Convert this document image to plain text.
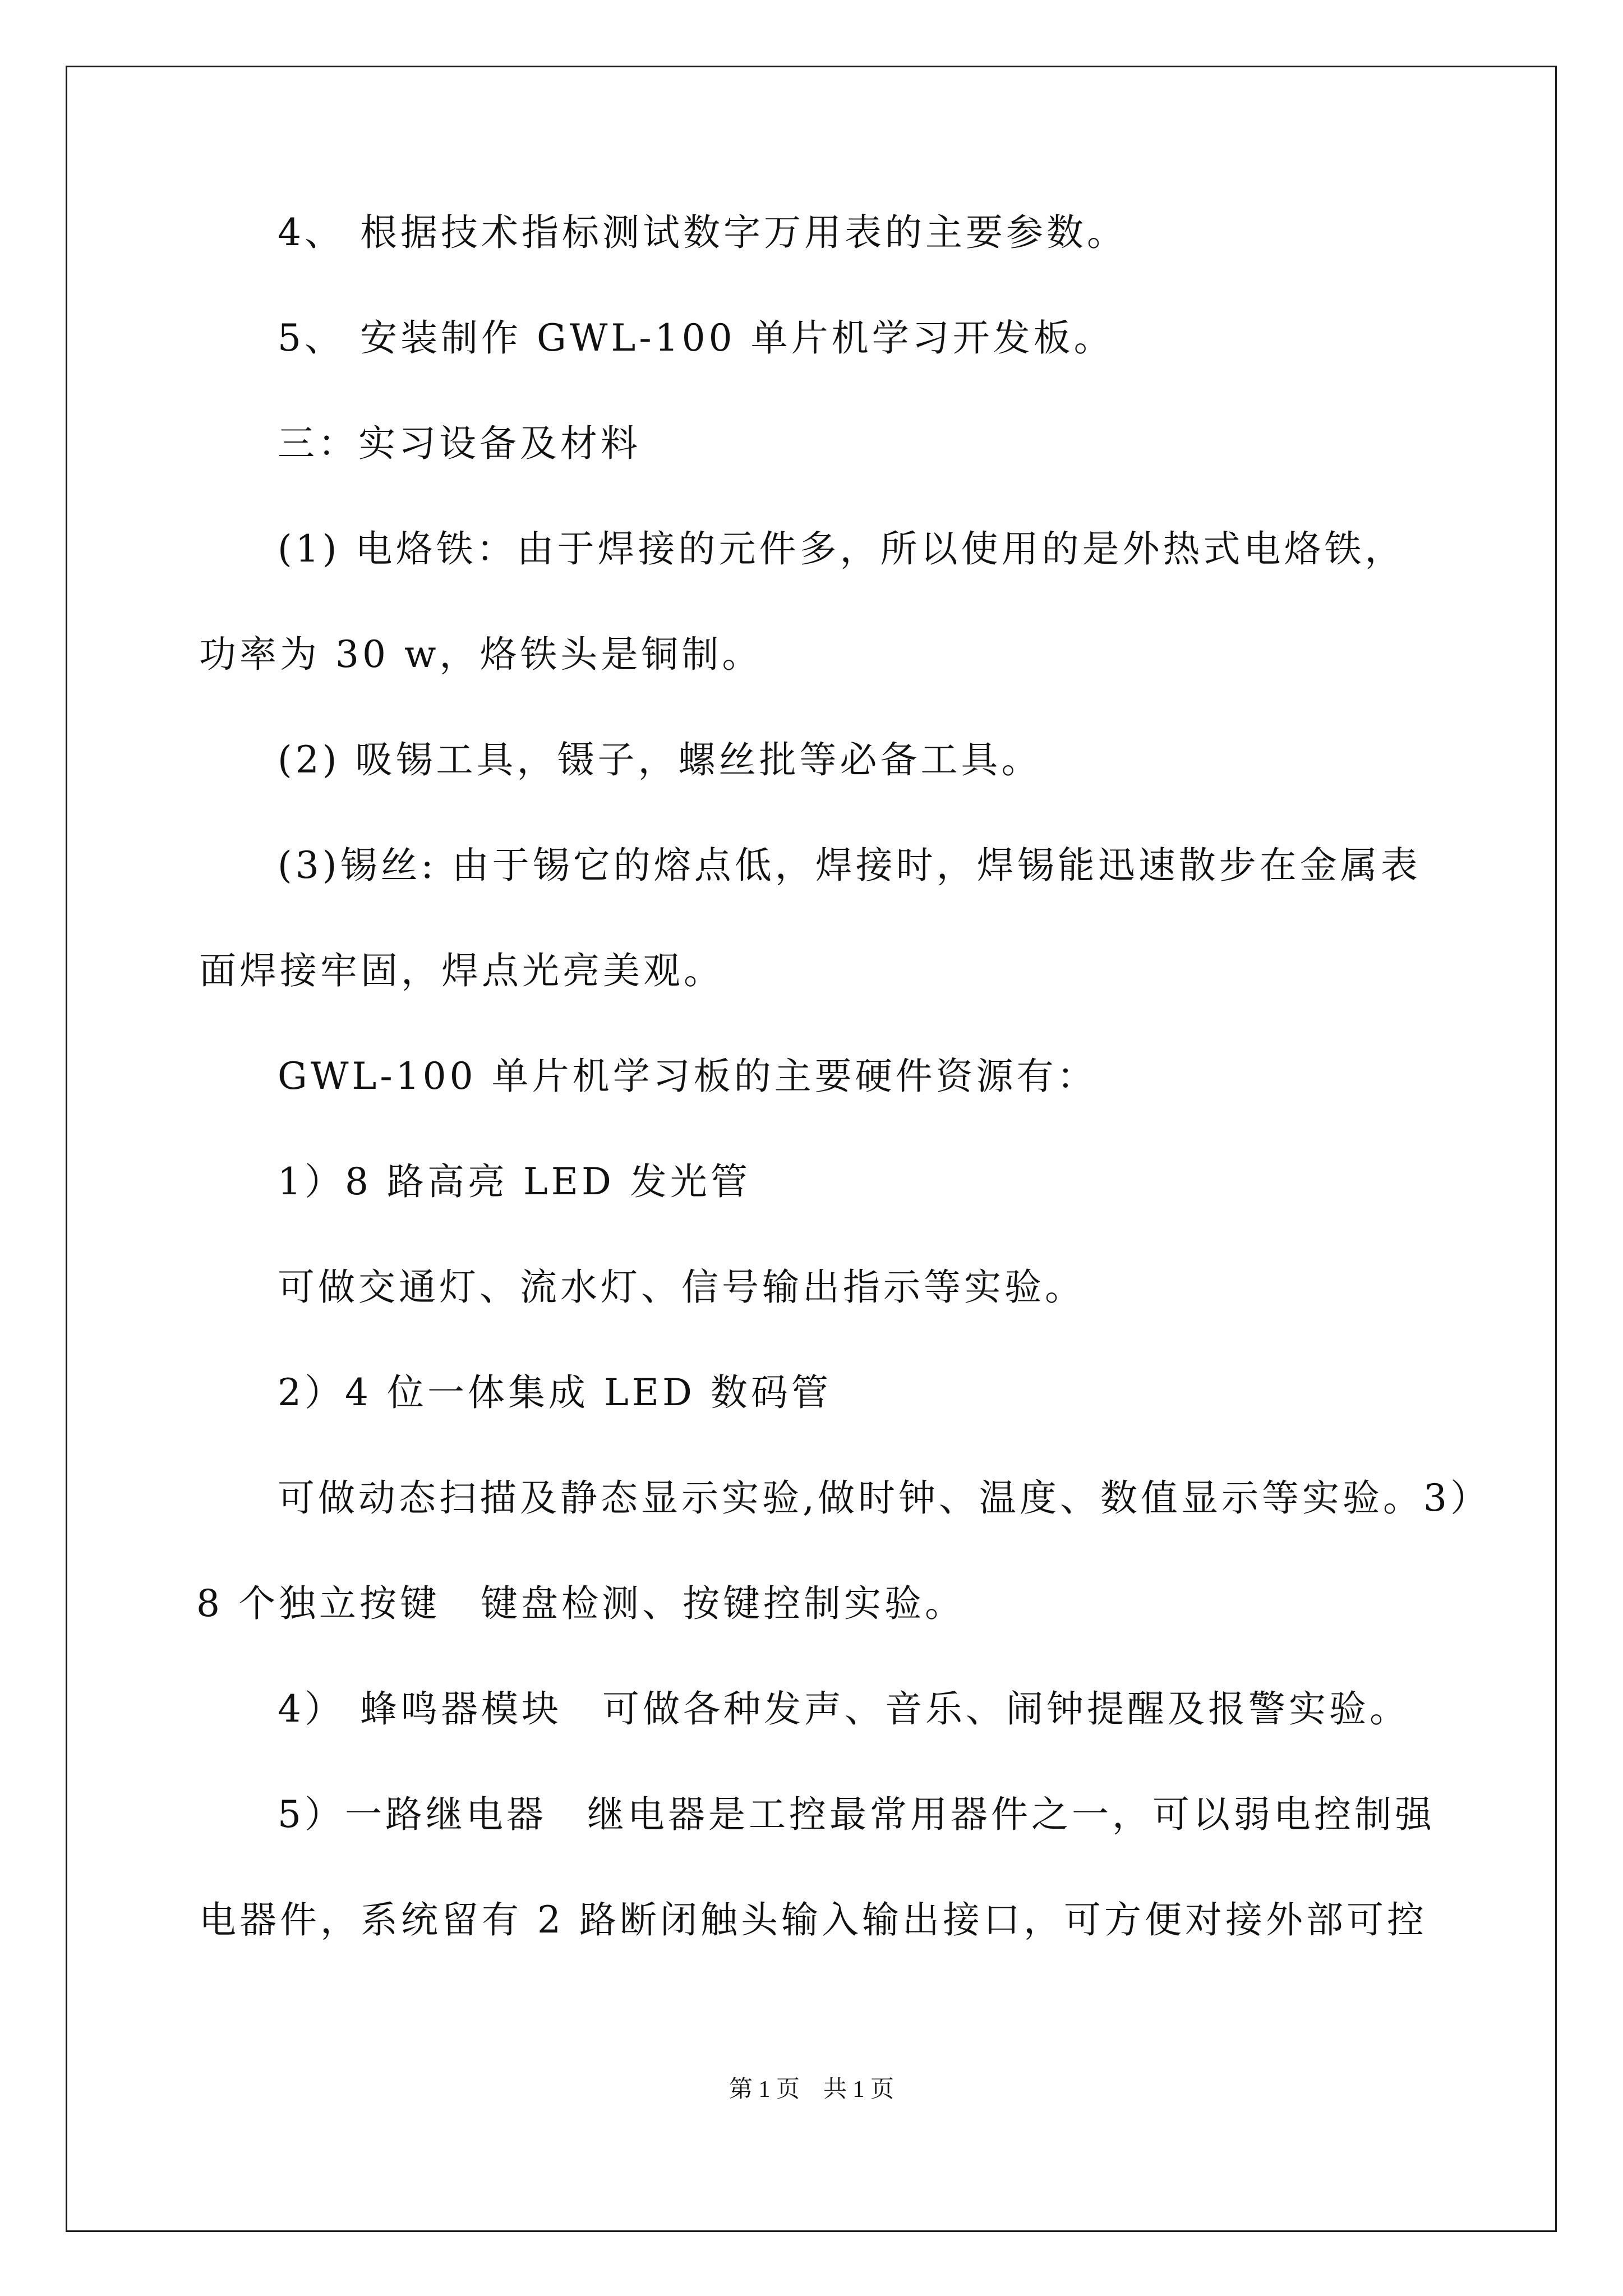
4、 根据技术指标测试数字万用表的主要参数。
5、 安装制作 GWL-100 单片机学习开发板。
三：实习设备及材料
(1) 电烙铁：由于焊接的元件多，所以使用的是外热式电烙铁，
功率为 30 w，烙铁头是铜制。
(2) 吸锡工具，镊子，螺丝批等必备工具。
(3)锡丝: 由于锡它的熔点低，焊接时，焊锡能迅速散步在金属表
面焊接牢固，焊点光亮美观。
GWL-100 单片机学习板的主要硬件资源有：
1）8 路高亮 LED 发光管
可做交通灯、流水灯、信号输出指示等实验。
2）4 位一体集成 LED 数码管
可做动态扫描及静态显示实验,做时钟、温度、数值显示等实验。3）
8 个独立按键　键盘检测、按键控制实验。
4） 蜂鸣器模块　可做各种发声、音乐、闹钟提醒及报警实验。
5）一路继电器　继电器是工控最常用器件之一，可以弱电控制强
电器件，系统留有 2 路断闭触头输入输出接口，可方便对接外部可控
第 1 页　共 1 页
